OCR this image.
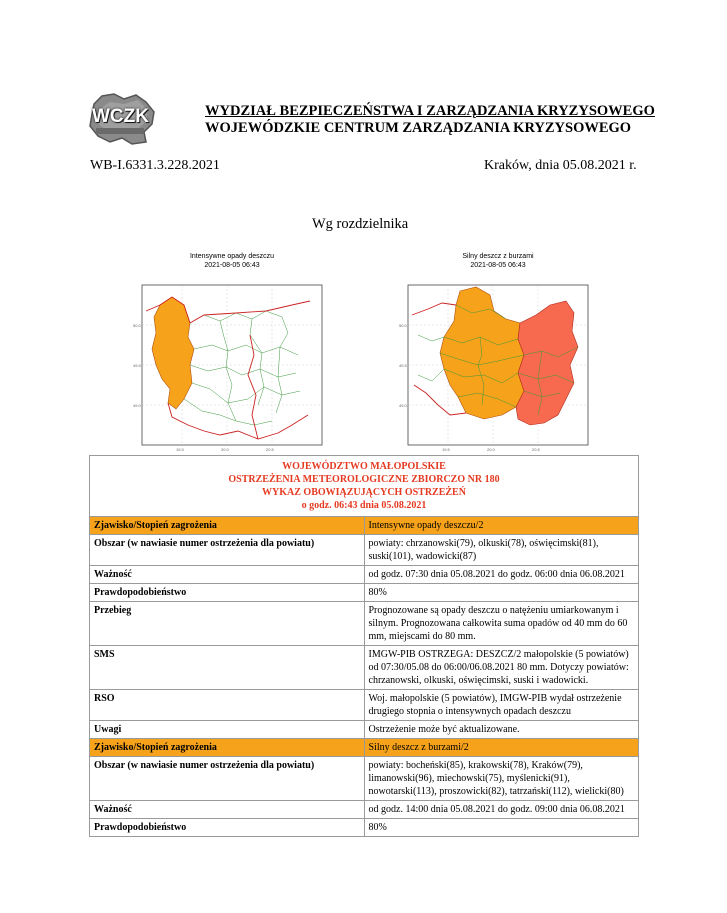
WCZK	WYDZIAŁ BEZPIECZEŃSTWA I ZARZĄDZANIA KRYZYSOWEGO
WOJEWÓDZKIE CENTRUM ZARZĄDZANIA KRYZYSOWEGO
WB-I.6331.3.228.2021	Kraków, dnia 05.08.2021 r.
Wg rozdzielnika
Intensywne opady deszczu
2021-08-05 06:43
50.0
49.5
49.0
19.5	20.0	20.5
Silny deszcz z burzami
2021-08-05 06:43
50.0
49.5
49.0
19.5	20.0	20.5
WOJEWÓDZTWO MAŁOPOLSKIE
OSTRZEŻENIA METEOROLOGICZNE ZBIORCZO NR 180
WYKAZ OBOWIĄZUJĄCYCH OSTRZEŻEŃ
o godz. 06:43 dnia 05.08.2021	

Zjawisko/Stopień zagrożenia	Intensywne opady deszczu/2
Obszar (w nawiasie numer ostrzeżenia dla powiatu)	powiaty: chrzanowski(79), olkuski(78), oświęcimski(81), suski(101), wadowicki(87)
Ważność	od godz. 07:30 dnia 05.08.2021 do godz. 06:00 dnia 06.08.2021
Prawdopodobieństwo	80%
Przebieg	Prognozowane są opady deszczu o natężeniu umiarkowanym i silnym. Prognozowana całkowita suma opadów od 40 mm do 60 mm, miejscami do 80 mm.
SMS	IMGW-PIB OSTRZEGA: DESZCZ/2 małopolskie (5 powiatów) od 07:30/05.08 do 06:00/06.08.2021 80 mm. Dotyczy powiatów: chrzanowski, olkuski, oświęcimski, suski i wadowicki.
RSO	Woj. małopolskie (5 powiatów), IMGW-PIB wydał ostrzeżenie drugiego stopnia o intensywnych opadach deszczu
Uwagi	Ostrzeżenie może być aktualizowane.
Zjawisko/Stopień zagrożenia	Silny deszcz z burzami/2
Obszar (w nawiasie numer ostrzeżenia dla powiatu)	powiaty: bocheński(85), krakowski(78), Kraków(79), limanowski(96), miechowski(75), myślenicki(91), nowotarski(113), proszowicki(82), tatrzański(112), wielicki(80)
Ważność	od godz. 14:00 dnia 05.08.2021 do godz. 09:00 dnia 06.08.2021
Prawdopodobieństwo	80%
